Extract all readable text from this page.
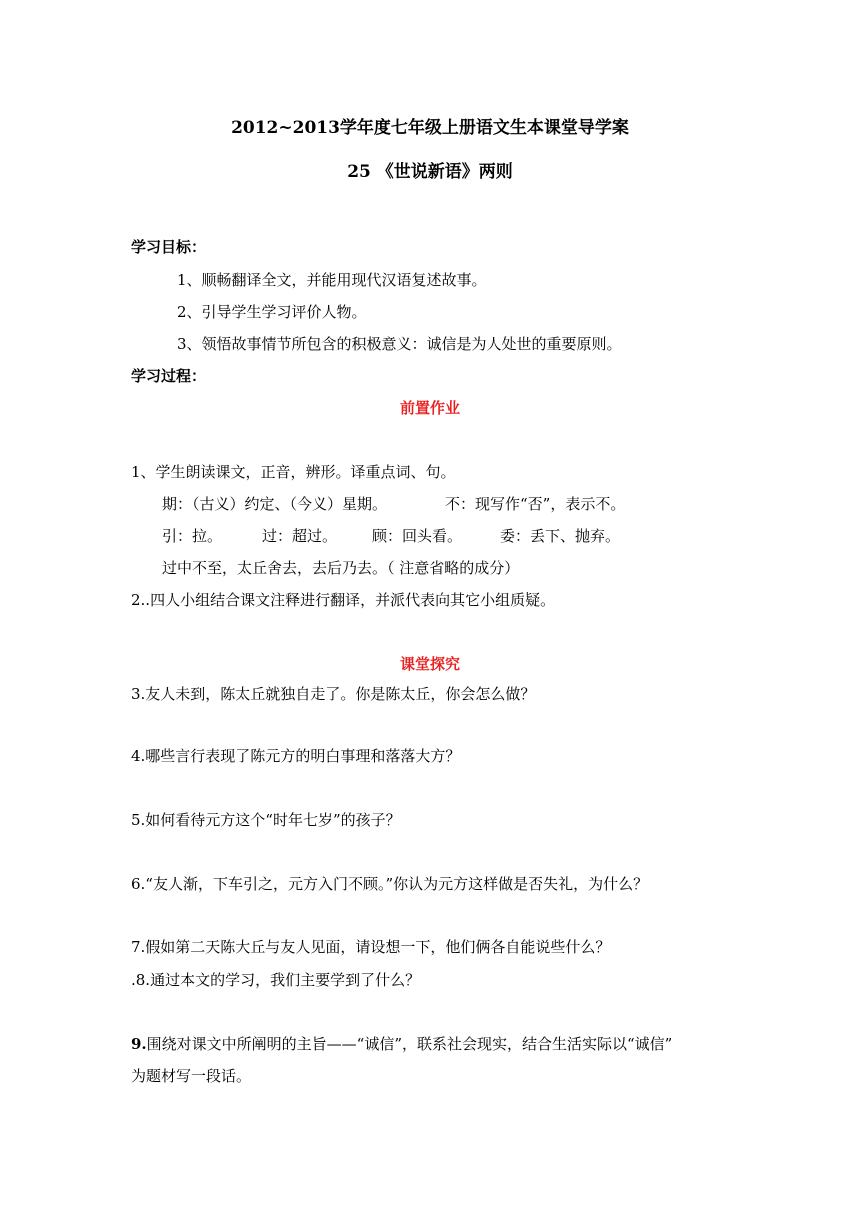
2012~2013学年度七年级上册语文生本课堂导学案
25 《世说新语》两则
学习目标：
1、顺畅翻译全文，并能用现代汉语复述故事。
2、引导学生学习评价人物。
3、领悟故事情节所包含的积极意义：诚信是为人处世的重要原则。
学习过程：
前置作业
1、学生朗读课文，正音，辨形。译重点词、句。
期：（古义）约定、（今义）星期。	不：现写作“否”，表示不。
引：拉。	过：超过。 顾：回头看。	委：丢下、抛弃。
过中不至，太丘舍去，去后乃去。（ 注意省略的成分）
2..四人小组结合课文注释进行翻译，并派代表向其它小组质疑。
课堂探究
3.友人未到，陈太丘就独自走了。你是陈太丘，你会怎么做？
4.哪些言行表现了陈元方的明白事理和落落大方？
5.如何看待元方这个“时年七岁”的孩子？
6.“友人渐，下车引之，元方入门不顾。”你认为元方这样做是否失礼，为什么？
7.假如第二天陈大丘与友人见面，请设想一下，他们俩各自能说些什么？
.8.通过本文的学习，我们主要学到了什么？
9.围绕对课文中所阐明的主旨——“诚信”，联系社会现实，结合生活实际以“诚信”
为题材写一段话。
